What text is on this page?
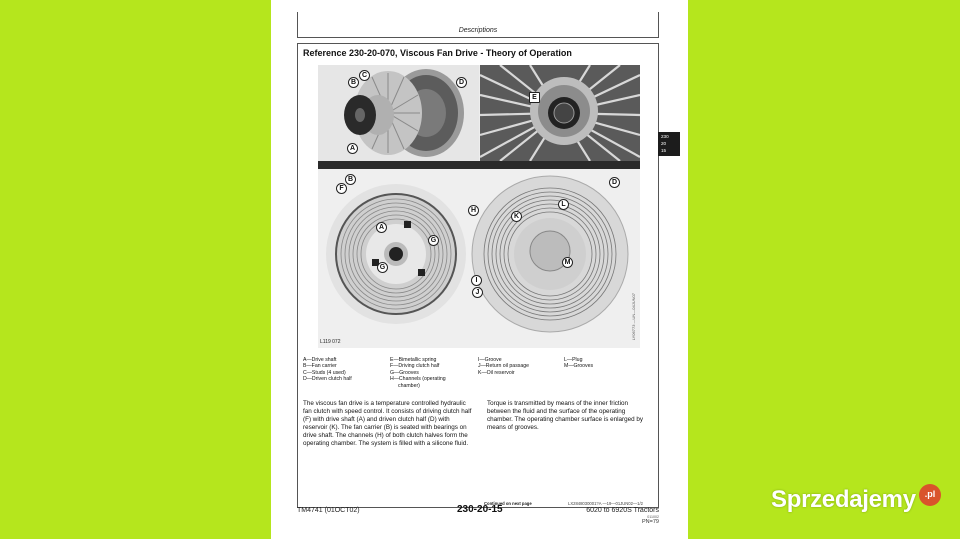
Descriptions
Reference 230-20-070, Viscous Fan Drive - Theory of Operation
B
C
D
A
E
B
F
A
G
G
H
I
J
K
L
M
D
L119 072
LY06773 —UN—04JUN07
A—Drive shaft
B—Fan carrier
C—Studs (4 used)
D—Driven clutch half
E—Bimetallic spring
F—Driving clutch half
G—Grooves
H—Channels (operating
chamber)
I—Groove
J—Return oil passage
K—Oil reservoir
L—Plug
M—Grooves
The viscous fan drive is a temperature controlled hydraulic fan clutch with speed control. It consists of driving clutch half (F) with drive shaft (A) and driven clutch half (D) with reservoir (K). The fan carrier (B) is seated with bearings on drive shaft. The channels (H) of both clutch halves form the operating chamber. The system is filled with a silicone fluid.
Torque is transmitted by means of the inner friction between the fluid and the surface of the operating chamber. The operating chamber surface is enlarged by means of grooves.
Continued on next page	LX2848030001?A —19—01JUN02—1/2
230
20
15
TM4741 (01OCT02)	230-20-15	6020 to 6920S Tractors
011002
PN=79
Sprzedajemy .pl
